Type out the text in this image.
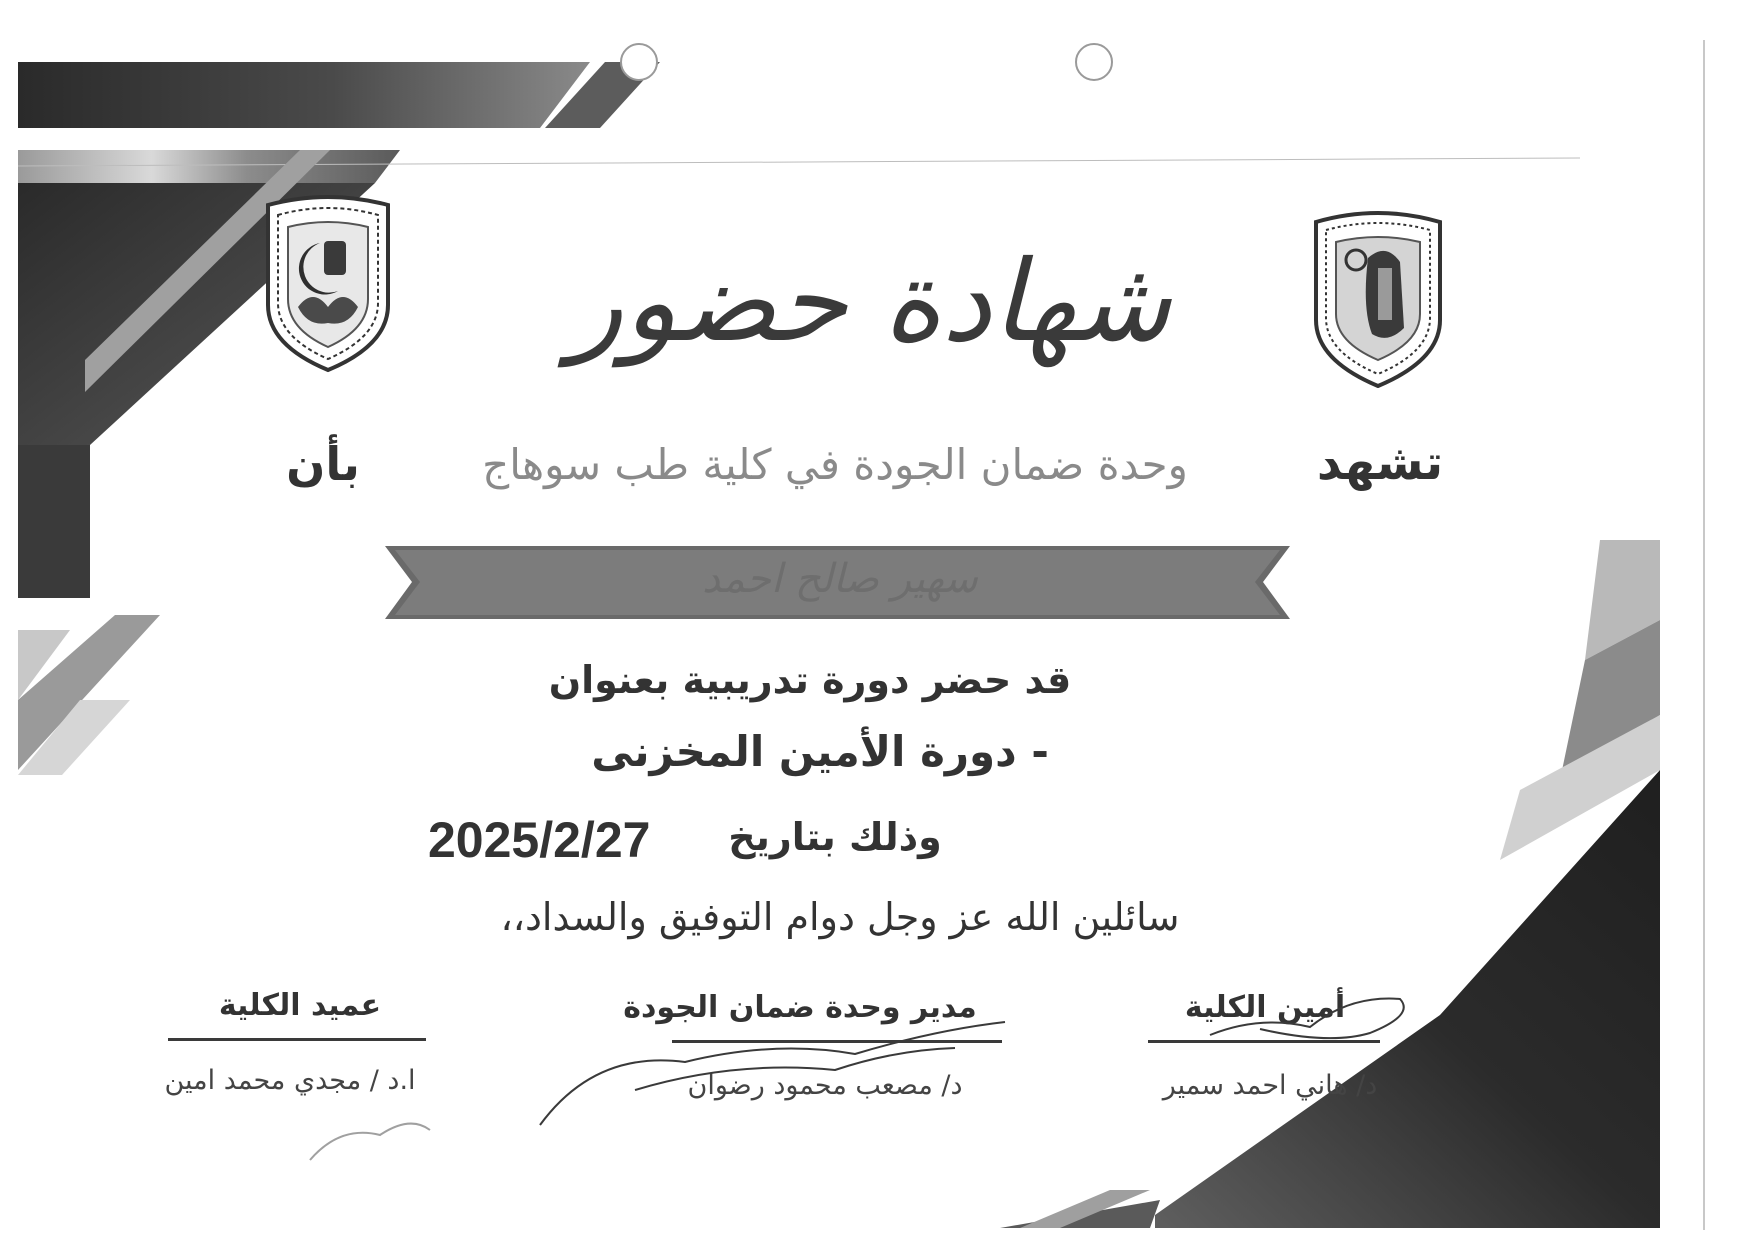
شهادة حضور
تشهد
وحدة ضمان الجودة في كلية طب سوهاج
بأن
سهير صالح احمد
قد حضر دورة تدريبية بعنوان
- دورة الأمين المخزنى
وذلك بتاريخ
2025/2/27
سائلين الله عز وجل دوام التوفيق والسداد،،
أمين الكلية
د/ هاني احمد سمير
مدير وحدة ضمان الجودة
د/ مصعب محمود رضوان
عميد الكلية
ا.د / مجدي محمد امين
